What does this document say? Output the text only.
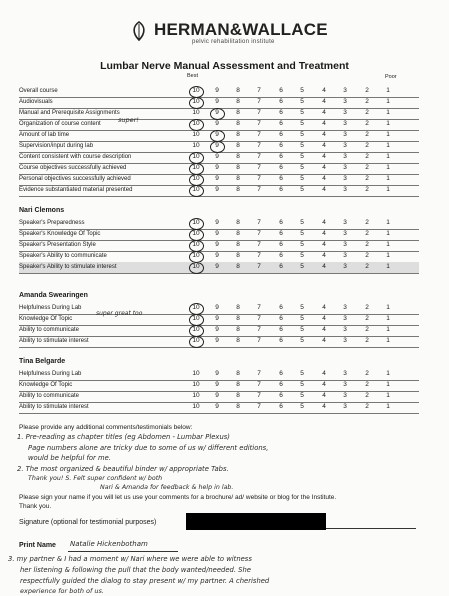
HERMAN&WALLACE
pelvic rehabilitation institute
Lumbar Nerve Manual Assessment and Treatment
Best	Poor
Overall course	10	9	8	7	6	5	4	3	2	1
Audiovisuals	10	9	8	7	6	5	4	3	2	1
Manual and Prerequisite Assignments	10	9	8	7	6	5	4	3	2	1
Organization of course content	10	9	8	7	6	5	4	3	2	1
Amount of lab time	10	9	8	7	6	5	4	3	2	1
Supervision/input during lab	10	9	8	7	6	5	4	3	2	1
Content consistent with course description	10	9	8	7	6	5	4	3	2	1
Course objectives successfully achieved	10	9	8	7	6	5	4	3	2	1
Personal objectives successfully achieved	10	9	8	7	6	5	4	3	2	1
Evidence substantiated material presented	10	9	8	7	6	5	4	3	2	1
Speaker's Preparedness	10	9	8	7	6	5	4	3	2	1
Speaker's Knowledge Of Topic	10	9	8	7	6	5	4	3	2	1
Speaker's Presentation Style	10	9	8	7	6	5	4	3	2	1
Speaker's Ability to communicate	10	9	8	7	6	5	4	3	2	1
Speaker's Ability to stimulate interest	10	9	8	7	6	5	4	3	2	1
Helpfulness During Lab	10	9	8	7	6	5	4	3	2	1
Knowledge Of Topic	10	9	8	7	6	5	4	3	2	1
Ability to communicate	10	9	8	7	6	5	4	3	2	1
Ability to stimulate interest	10	9	8	7	6	5	4	3	2	1
Helpfulness During Lab	10	9	8	7	6	5	4	3	2	1
Knowledge Of Topic	10	9	8	7	6	5	4	3	2	1
Ability to communicate	10	9	8	7	6	5	4	3	2	1
Ability to stimulate interest	10	9	8	7	6	5	4	3	2	1
Nari Clemons
Amanda Swearingen
Tina Belgarde
super!
super great too
Please provide any additional comments/testimonials below:
1. Pre-reading as chapter titles (eg Abdomen - Lumbar Plexus)
Page numbers alone are tricky due to some of us w/ different editions,
would be helpful for me.
2. The most organized & beautiful binder w/ appropriate Tabs.
Thank you! S. Felt super confident w/ both
Nari & Amanda for feedback & help in lab.
Please sign your name if you will let us use your comments for a brochure/ ad/ website or blog for the Institute.
Thank you.
Signature (optional for testimonial purposes)
Print Name Natalie Hickenbotham
3. my partner & I had a moment w/ Nari where we were able to witness
her listening & following the pull that the body wanted/needed. She
respectfully guided the dialog to stay present w/ my partner. A cherished
experience for both of us.
